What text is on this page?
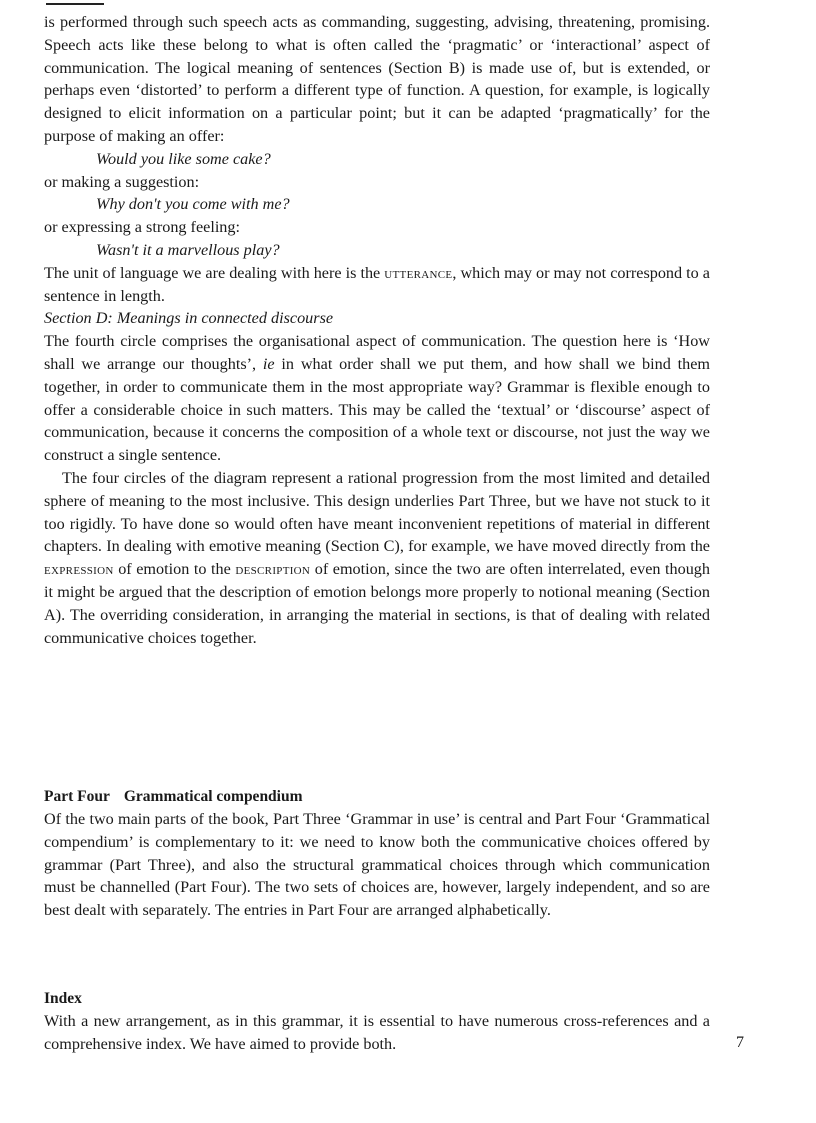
is performed through such speech acts as commanding, suggesting, advising, threatening, promising. Speech acts like these belong to what is often called the ‘pragmatic’ or ‘interactional’ aspect of communication. The logical meaning of sentences (Section B) is made use of, but is extended, or perhaps even ‘distorted’ to perform a different type of function. A question, for example, is logically designed to elicit information on a particular point; but it can be adapted ‘pragmatically’ for the purpose of making an offer:

Would you like some cake?

or making a suggestion:

Why don't you come with me?

or expressing a strong feeling:

Wasn't it a marvellous play?

The unit of language we are dealing with here is the utterance, which may or may not correspond to a sentence in length.

Section D: Meanings in connected discourse

The fourth circle comprises the organisational aspect of communication. The question here is ‘How shall we arrange our thoughts’, ie in what order shall we put them, and how shall we bind them together, in order to communicate them in the most appropriate way? Grammar is flexible enough to offer a considerable choice in such matters. This may be called the ‘textual’ or ‘discourse’ aspect of communication, because it concerns the composition of a whole text or discourse, not just the way we construct a single sentence.

The four circles of the diagram represent a rational progression from the most limited and detailed sphere of meaning to the most inclusive. This design underlies Part Three, but we have not stuck to it too rigidly. To have done so would often have meant inconvenient repetitions of material in different chapters. In dealing with emotive meaning (Section C), for example, we have moved directly from the expression of emotion to the description of emotion, since the two are often interrelated, even though it might be argued that the description of emotion belongs more properly to notional meaning (Section A). The overriding consideration, in arranging the material in sections, is that of dealing with related communicative choices together.

Part Four Grammatical compendium

Of the two main parts of the book, Part Three ‘Grammar in use’ is central and Part Four ‘Grammatical compendium’ is complementary to it: we need to know both the communicative choices offered by grammar (Part Three), and also the structural grammatical choices through which communication must be channelled (Part Four). The two sets of choices are, however, largely independent, and so are best dealt with separately. The entries in Part Four are arranged alphabetically.

Index

With a new arrangement, as in this grammar, it is essential to have numerous cross-references and a comprehensive index. We have aimed to provide both.	7
